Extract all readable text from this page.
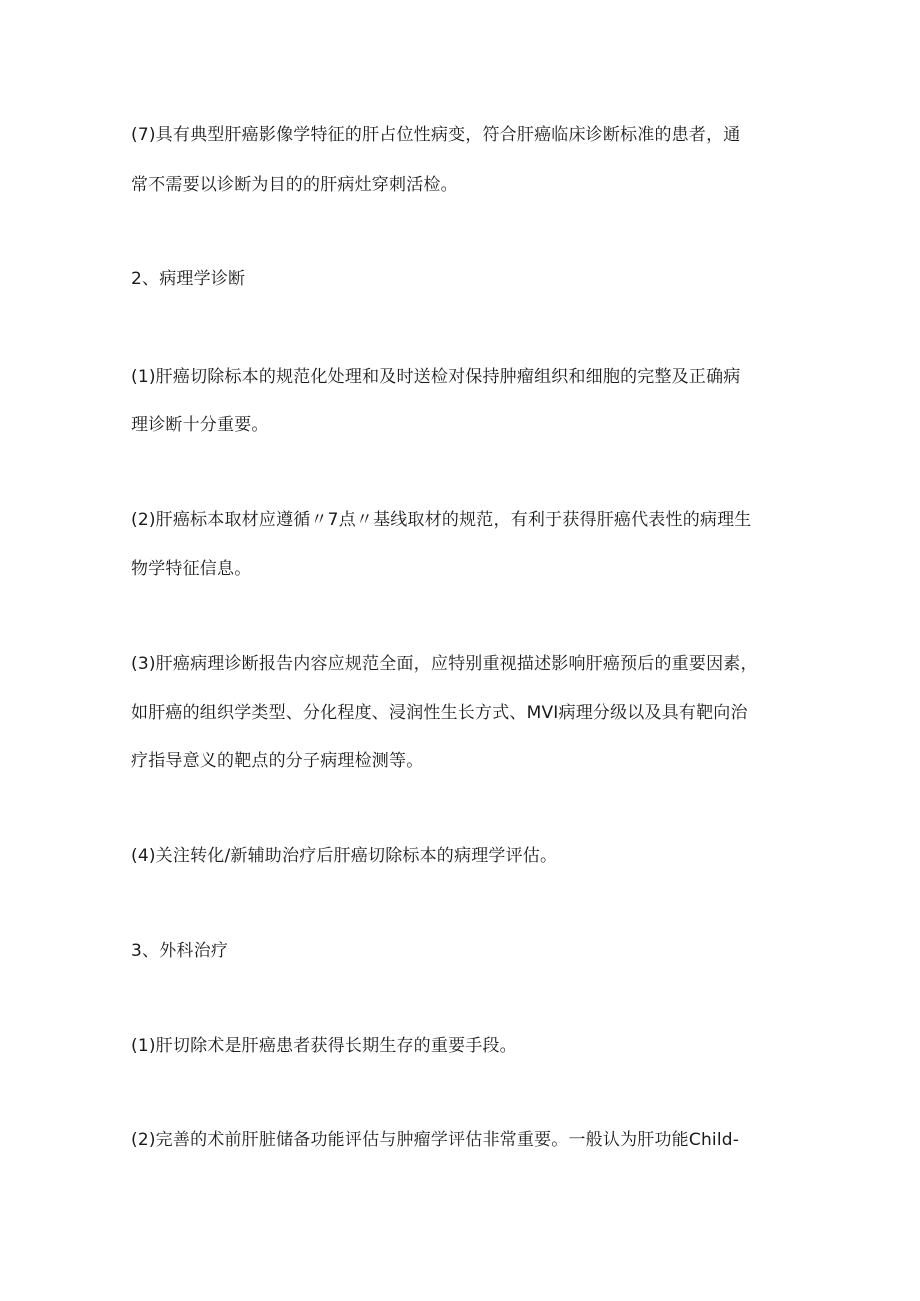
(7)具有典型肝癌影像学特征的肝占位性病变，符合肝癌临床诊断标准的患者，通
常不需要以诊断为目的的肝病灶穿刺活检。
2、病理学诊断
(1)肝癌切除标本的规范化处理和及时送检对保持肿瘤组织和细胞的完整及正确病
理诊断十分重要。
(2)肝癌标本取材应遵循〃7点〃基线取材的规范，有利于获得肝癌代表性的病理生
物学特征信息。
(3)肝癌病理诊断报告内容应规范全面，应特别重视描述影响肝癌预后的重要因素，
如肝癌的组织学类型、分化程度、浸润性生长方式、MVI病理分级以及具有靶向治
疗指导意义的靶点的分子病理检测等。
(4)关注转化/新辅助治疗后肝癌切除标本的病理学评估。
3、外科治疗
(1)肝切除术是肝癌患者获得长期生存的重要手段。
(2)完善的术前肝脏储备功能评估与肿瘤学评估非常重要。一般认为肝功能Child-
